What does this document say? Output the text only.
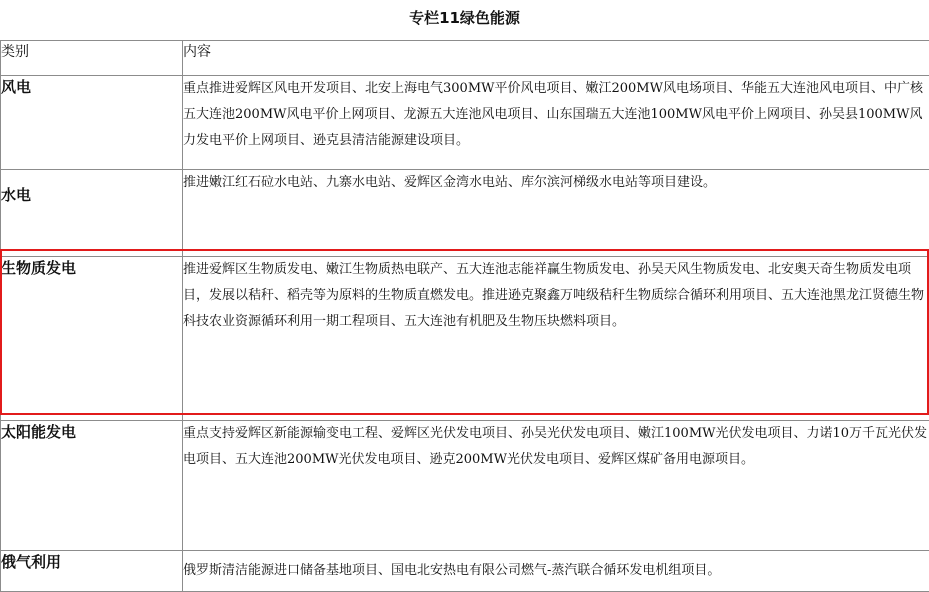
专栏11绿色能源
类别	内容
风电	重点推进爱辉区风电开发项目、北安上海电气300MW平价风电项目、嫩江200MW风电场项目、华能五大连池风电项目、中广核五大连池200MW风电平价上网项目、龙源五大连池风电项目、山东国瑞五大连池100MW风电平价上网项目、孙吴县100MW风力发电平价上网项目、逊克县清洁能源建设项目。
水电	推进嫩江红石砬水电站、九寨水电站、爱辉区金湾水电站、库尔滨河梯级水电站等项目建设。
生物质发电	推进爱辉区生物质发电、嫩江生物质热电联产、五大连池志能祥赢生物质发电、孙吴天风生物质发电、北安奥天奇生物质发电项目，发展以秸秆、稻壳等为原料的生物质直燃发电。推进逊克聚鑫万吨级秸秆生物质综合循环利用项目、五大连池黑龙江贤德生物科技农业资源循环利用一期工程项目、五大连池有机肥及生物压块燃料项目。
太阳能发电	重点支持爱辉区新能源输变电工程、爱辉区光伏发电项目、孙吴光伏发电项目、嫩江100MW光伏发电项目、力诺10万千瓦光伏发电项目、五大连池200MW光伏发电项目、逊克200MW光伏发电项目、爱辉区煤矿备用电源项目。
俄气利用	俄罗斯清洁能源进口储备基地项目、国电北安热电有限公司燃气-蒸汽联合循环发电机组项目。
